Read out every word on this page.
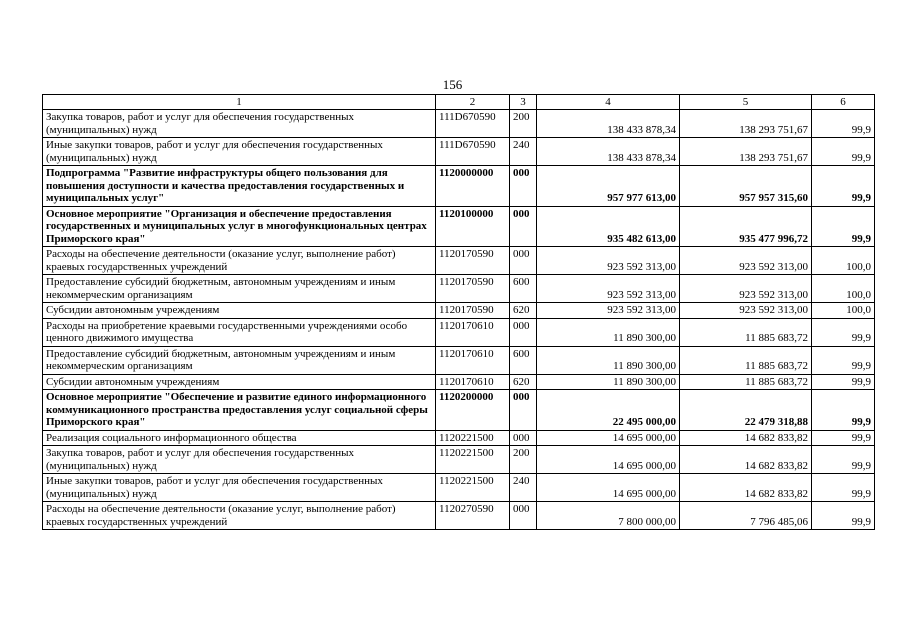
156
1	2	3	4	5	6
Закупка товаров, работ и услуг для обеспечения государственных (муниципальных) нужд	111D670590	200	138 433 878,34	138 293 751,67	99,9
Иные закупки товаров, работ и услуг для обеспечения государственных (муниципальных) нужд	111D670590	240	138 433 878,34	138 293 751,67	99,9
Подпрограмма "Развитие инфраструктуры общего пользования для повышения доступности и качества предоставления государственных и муниципальных услуг"	1120000000	000	957 977 613,00	957 957 315,60	99,9
Основное мероприятие "Организация и обеспечение предоставления государственных и муниципальных услуг в многофункциональных центрах Приморского края"	1120100000	000	935 482 613,00	935 477 996,72	99,9
Расходы на обеспечение деятельности (оказание услуг, выполнение работ) краевых государственных учреждений	1120170590	000	923 592 313,00	923 592 313,00	100,0
Предоставление субсидий бюджетным, автономным учреждениям и иным некоммерческим организациям	1120170590	600	923 592 313,00	923 592 313,00	100,0
Субсидии автономным учреждениям	1120170590	620	923 592 313,00	923 592 313,00	100,0
Расходы на приобретение краевыми государственными учреждениями особо ценного движимого имущества	1120170610	000	11 890 300,00	11 885 683,72	99,9
Предоставление субсидий бюджетным, автономным учреждениям и иным некоммерческим организациям	1120170610	600	11 890 300,00	11 885 683,72	99,9
Субсидии автономным учреждениям	1120170610	620	11 890 300,00	11 885 683,72	99,9
Основное мероприятие "Обеспечение и развитие единого информационного коммуникационного пространства предоставления услуг социальной сферы Приморского края"	1120200000	000	22 495 000,00	22 479 318,88	99,9
Реализация социального информационного общества	1120221500	000	14 695 000,00	14 682 833,82	99,9
Закупка товаров, работ и услуг для обеспечения государственных (муниципальных) нужд	1120221500	200	14 695 000,00	14 682 833,82	99,9
Иные закупки товаров, работ и услуг для обеспечения государственных (муниципальных) нужд	1120221500	240	14 695 000,00	14 682 833,82	99,9
Расходы на обеспечение деятельности (оказание услуг, выполнение работ) краевых государственных учреждений	1120270590	000	7 800 000,00	7 796 485,06	99,9
